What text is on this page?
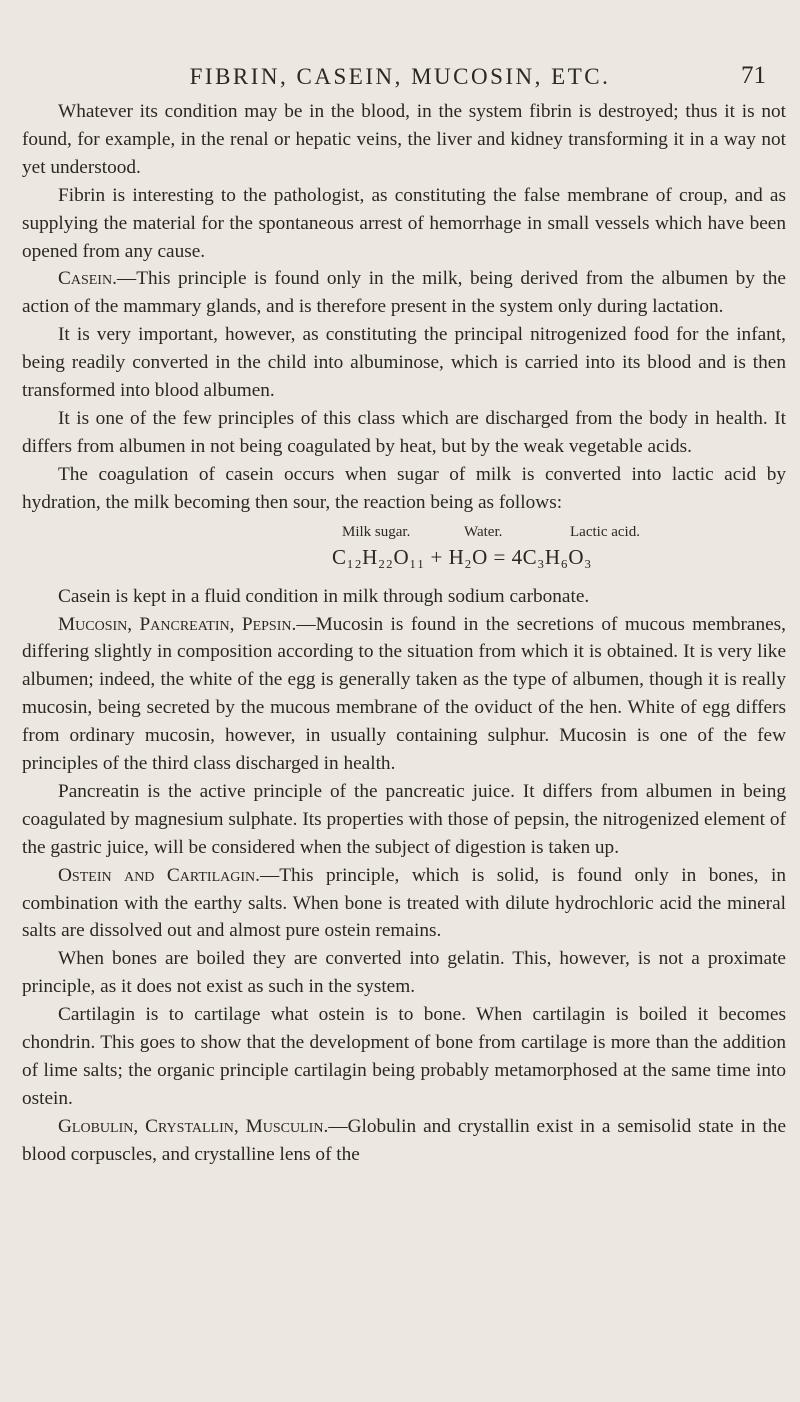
FIBRIN, CASEIN, MUCOSIN, ETC.	71

Whatever its condition may be in the blood, in the system fibrin is destroyed; thus it is not found, for example, in the renal or hepatic veins, the liver and kidney transforming it in a way not yet understood.

Fibrin is interesting to the pathologist, as constituting the false membrane of croup, and as supplying the material for the spontaneous arrest of hemorrhage in small vessels which have been opened from any cause.

Casein.—This principle is found only in the milk, being derived from the albumen by the action of the mammary glands, and is therefore present in the system only during lactation.

It is very important, however, as constituting the principal nitrogenized food for the infant, being readily converted in the child into albuminose, which is carried into its blood and is then transformed into blood albumen.

It is one of the few principles of this class which are discharged from the body in health. It differs from albumen in not being coagulated by heat, but by the weak vegetable acids.

The coagulation of casein occurs when sugar of milk is converted into lactic acid by hydration, the milk becoming then sour, the reaction being as follows:

Milk sugar.	Water.	Lactic acid.
C₁₂H₂₂O₁₁ + H₂O = 4C₃H₆O₃

Casein is kept in a fluid condition in milk through sodium carbonate.

Mucosin, Pancreatin, Pepsin.—Mucosin is found in the secretions of mucous membranes, differing slightly in composition according to the situation from which it is obtained. It is very like albumen; indeed, the white of the egg is generally taken as the type of albumen, though it is really mucosin, being secreted by the mucous membrane of the oviduct of the hen. White of egg differs from ordinary mucosin, however, in usually containing sulphur. Mucosin is one of the few principles of the third class discharged in health.

Pancreatin is the active principle of the pancreatic juice. It differs from albumen in being coagulated by magnesium sulphate. Its properties with those of pepsin, the nitrogenized element of the gastric juice, will be considered when the subject of digestion is taken up.

Ostein and Cartilagin.—This principle, which is solid, is found only in bones, in combination with the earthy salts. When bone is treated with dilute hydrochloric acid the mineral salts are dissolved out and almost pure ostein remains.

When bones are boiled they are converted into gelatin. This, however, is not a proximate principle, as it does not exist as such in the system.

Cartilagin is to cartilage what ostein is to bone. When cartilagin is boiled it becomes chondrin. This goes to show that the development of bone from cartilage is more than the addition of lime salts; the organic principle cartilagin being probably metamorphosed at the same time into ostein.

Globulin, Crystallin, Musculin.—Globulin and crystallin exist in a semisolid state in the blood corpuscles, and crystalline lens of the
